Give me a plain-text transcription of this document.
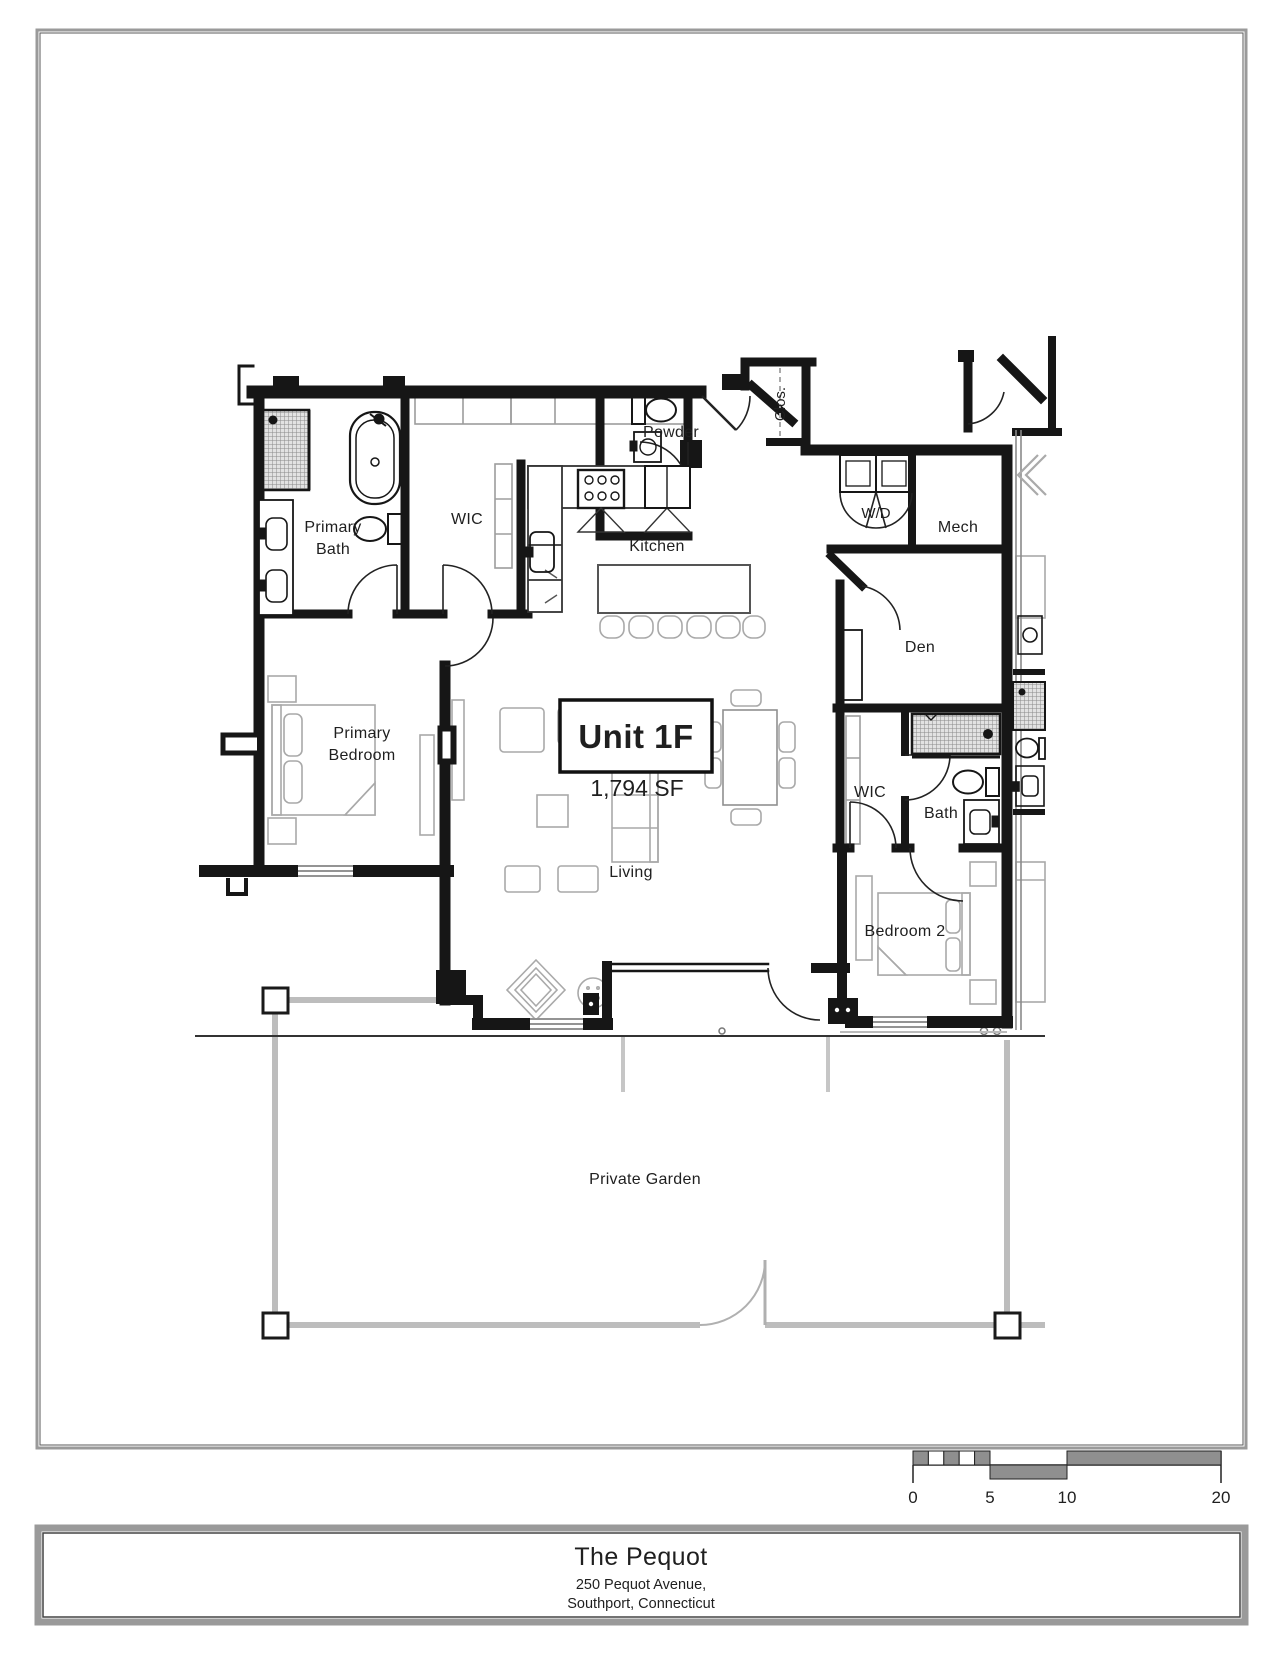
Unit 1F
1,794 SF
Primary Bath
WIC
Kitchen
Powder
Clos.
W/D
Mech
Den
Primary Bedroom
Living
WIC
Bath
Bedroom 2
Private Garden
0	5	10	20
The Pequot
250 Pequot Avenue,
Southport, Connecticut
